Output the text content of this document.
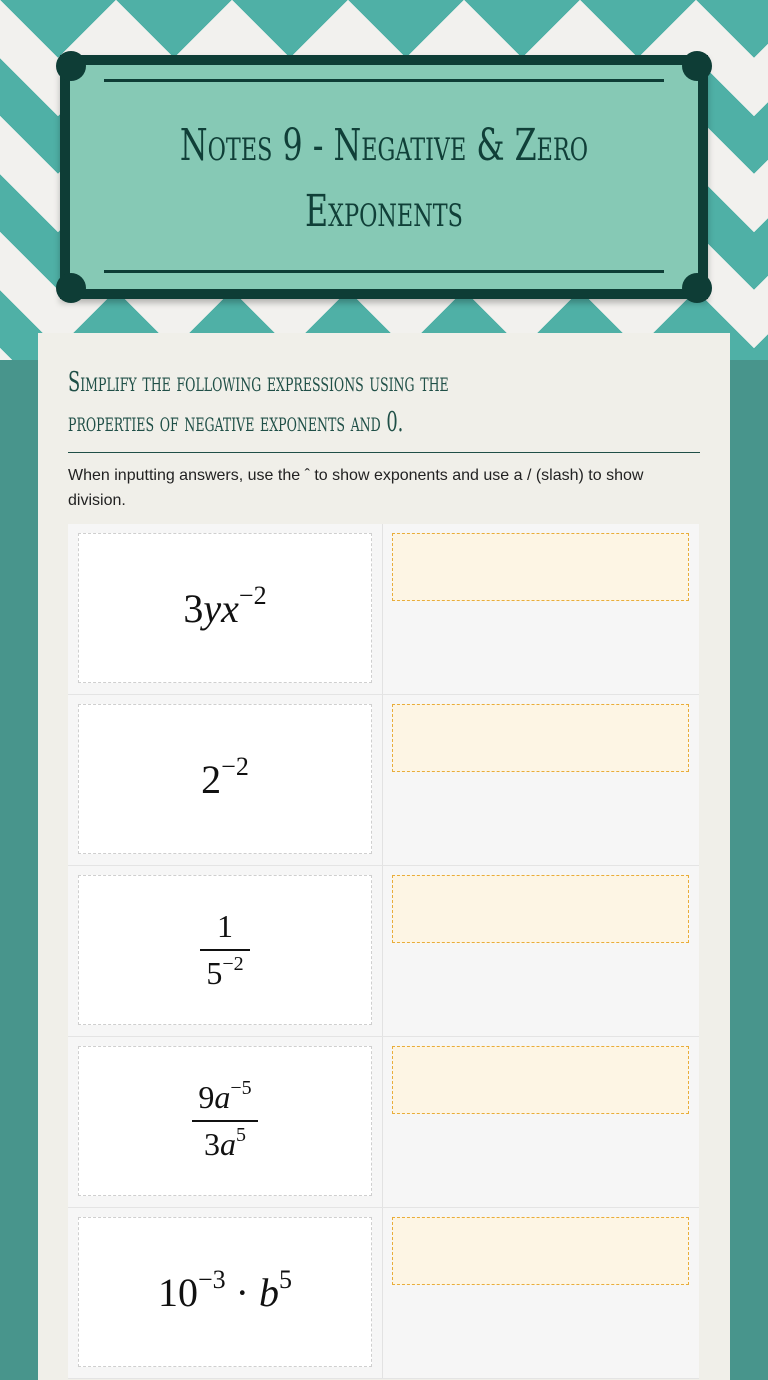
Notes 9 - Negative & Zero Exponents
Simplify the following expressions using the properties of negative exponents and 0.
When inputting answers, use the ˆ to show exponents and use a / (slash) to show division.
$3yx^{-2}$
$2^{-2}$
$\frac{1}{5^{-2}}$
$\frac{9a^{-5}}{3a^5}$
$10^{-3} \cdot b^5$
